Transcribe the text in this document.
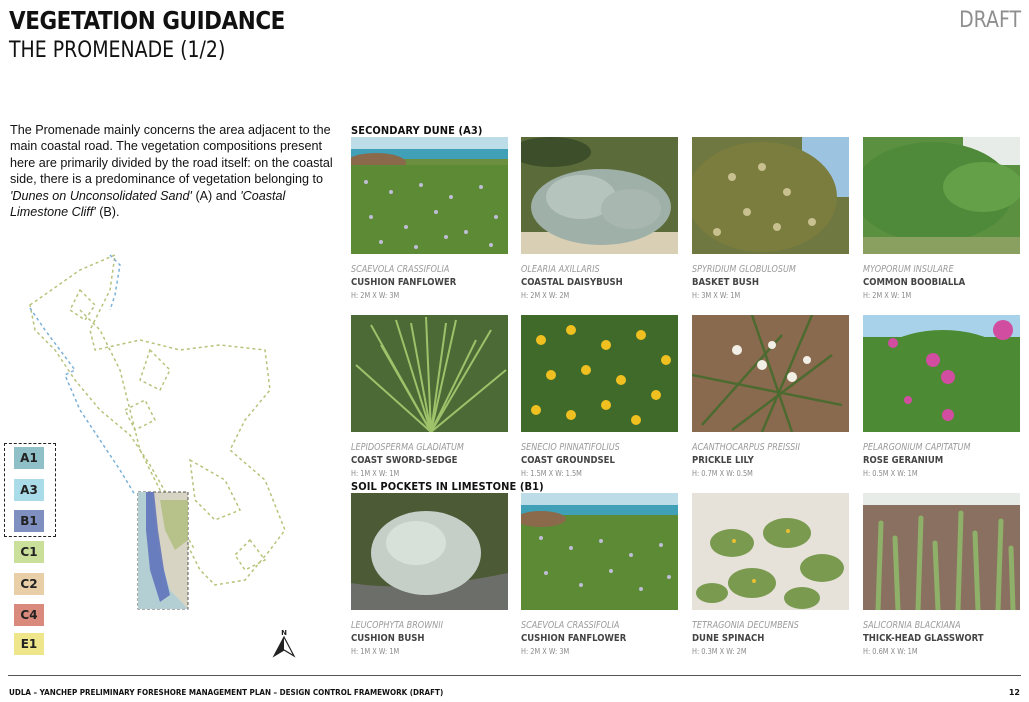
VEGETATION GUIDANCE
THE PROMENADE (1/2)
DRAFT

The Promenade mainly concerns the area adjacent to the main coastal road. The vegetation compositions present here are primarily divided by the road itself: on the coastal side, there is a predominance of vegetation belonging to 'Dunes on Unconsolidated Sand' (A) and 'Coastal Limestone Cliff' (B).

SECONDARY DUNE (A3)
SOIL POCKETS IN LIMESTONE (B1)
SCAEVOLA CRASSIFOLIA
CUSHION FANFLOWER
H: 2M X W: 3M
OLEARIA AXILLARIS
COASTAL DAISYBUSH
H: 2M X W: 2M
SPYRIDIUM GLOBULOSUM
BASKET BUSH
H: 3M X W: 1M
MYOPORUM INSULARE
COMMON BOOBIALLA
H: 2M X W: 1M
LEPIDOSPERMA GLADIATUM
COAST SWORD-SEDGE
H: 1M X W: 1M
SENECIO PINNATIFOLIUS
COAST GROUNDSEL
H: 1.5M X W: 1.5M
ACANTHOCARPUS PREISSII
PRICKLE LILY
H: 0.7M X W: 0.5M
PELARGONIUM CAPITATUM
ROSE GERANIUM
H: 0.5M X W: 1M
LEUCOPHYTA BROWNII
CUSHION BUSH
H: 1M X W: 1M
SCAEVOLA CRASSIFOLIA
CUSHION FANFLOWER
H: 2M X W: 3M
TETRAGONIA DECUMBENS
DUNE SPINACH
H: 0.3M X W: 2M
SALICORNIA BLACKIANA
THICK-HEAD GLASSWORT
H: 0.6M X W: 1M
A1
A3
B1
C1
C2
C4
E1
N
UDLA – YANCHEP PRELIMINARY FORESHORE MANAGEMENT PLAN – DESIGN CONTROL FRAMEWORK (DRAFT)	12
